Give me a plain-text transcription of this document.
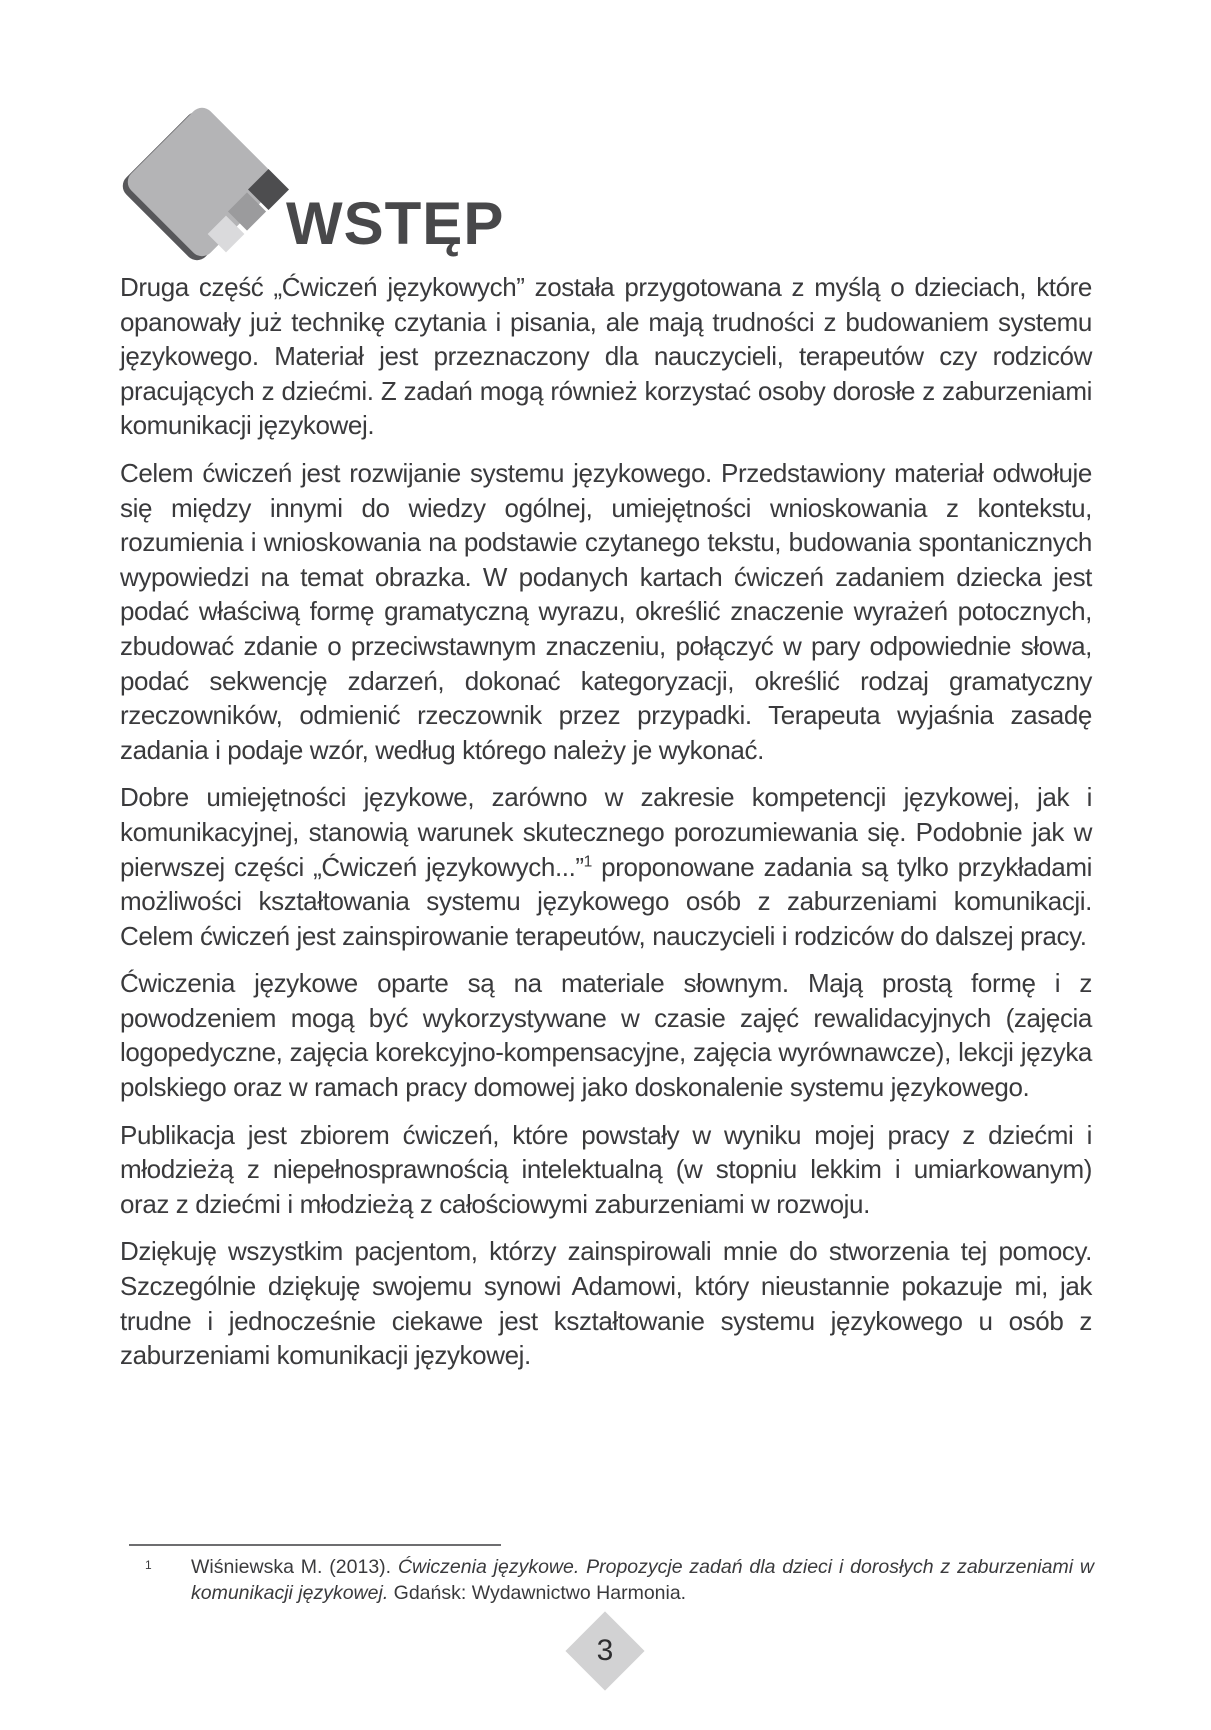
WSTĘP

Druga część „Ćwiczeń językowych” została przygotowana z myślą o dzieciach, które opanowały już technikę czytania i pisania, ale mają trudności z budowaniem systemu językowego. Materiał jest przeznaczony dla nauczycieli, terapeutów czy rodziców pracujących z dziećmi. Z zadań mogą również korzystać osoby dorosłe z zaburzeniami komunikacji językowej.

Celem ćwiczeń jest rozwijanie systemu językowego. Przedstawiony materiał odwołuje się między innymi do wiedzy ogólnej, umiejętności wnioskowania z kontekstu, rozumienia i wnioskowania na podstawie czytanego tekstu, budowania spontanicznych wypowiedzi na temat obrazka. W podanych kartach ćwiczeń zadaniem dziecka jest podać właściwą formę gramatyczną wyrazu, określić znaczenie wyrażeń potocznych, zbudować zdanie o przeciwstawnym znaczeniu, połączyć w pary odpowiednie słowa, podać sekwencję zdarzeń, dokonać kategoryzacji, określić rodzaj gramatyczny rzeczowników, odmienić rzeczownik przez przypadki. Terapeuta wyjaśnia zasadę zadania i podaje wzór, według którego należy je wykonać.

Dobre umiejętności językowe, zarówno w zakresie kompetencji językowej, jak i komunikacyjnej, stanowią warunek skutecznego porozumiewania się. Podobnie jak w pierwszej części „Ćwiczeń językowych...”$^1$ proponowane zadania są tylko przykładami możliwości kształtowania systemu językowego osób z zaburzeniami komunikacji. Celem ćwiczeń jest zainspirowanie terapeutów, nauczycieli i rodziców do dalszej pracy.

Ćwiczenia językowe oparte są na materiale słownym. Mają prostą formę i z powodzeniem mogą być wykorzystywane w czasie zajęć rewalidacyjnych (zajęcia logopedyczne, zajęcia korekcyjno-kompensacyjne, zajęcia wyrównawcze), lekcji języka polskiego oraz w ramach pracy domowej jako doskonalenie systemu językowego.

Publikacja jest zbiorem ćwiczeń, które powstały w wyniku mojej pracy z dziećmi i młodzieżą z niepełnosprawnością intelektualną (w stopniu lekkim i umiarkowanym) oraz z dziećmi i młodzieżą z całościowymi zaburzeniami w rozwoju.

Dziękuję wszystkim pacjentom, którzy zainspirowali mnie do stworzenia tej pomocy. Szczególnie dziękuję swojemu synowi Adamowi, który nieustannie pokazuje mi, jak trudne i jednocześnie ciekawe jest kształtowanie systemu językowego u osób z zaburzeniami komunikacji językowej.

1	Wiśniewska M. (2013). Ćwiczenia językowe. Propozycje zadań dla dzieci i dorosłych z zaburzeniami w komunikacji językowej. Gdańsk: Wydawnictwo Harmonia.
3
